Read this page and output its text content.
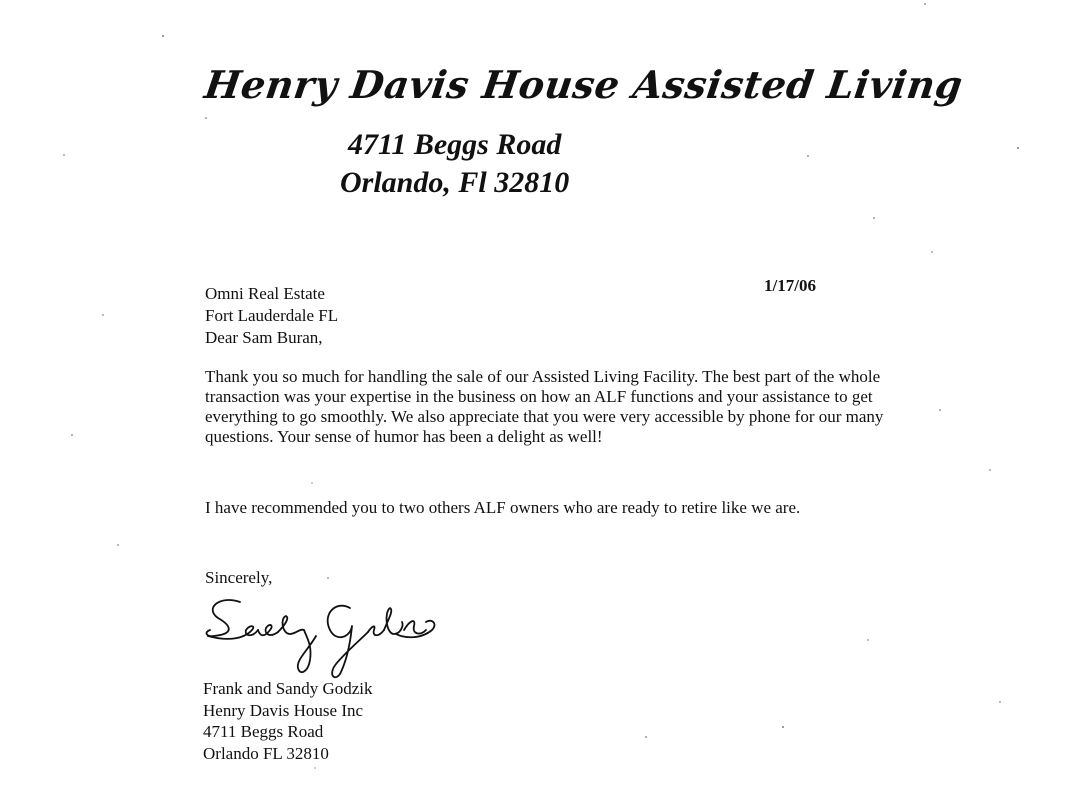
Henry Davis House Assisted Living
4711 Beggs Road
Orlando, Fl 32810
1/17/06
Omni Real Estate
Fort Lauderdale FL
Dear Sam Buran,
Thank you so much for handling the sale of our Assisted Living Facility. The best part of the whole transaction was your expertise in the business on how an ALF functions and your assistance to get everything to go smoothly. We also appreciate that you were very accessible by phone for our many questions. Your sense of humor has been a delight as well!
I have recommended you to two others ALF owners who are ready to retire like we are.
Sincerely,
Frank and Sandy Godzik
Henry Davis House Inc
4711 Beggs Road
Orlando FL 32810
